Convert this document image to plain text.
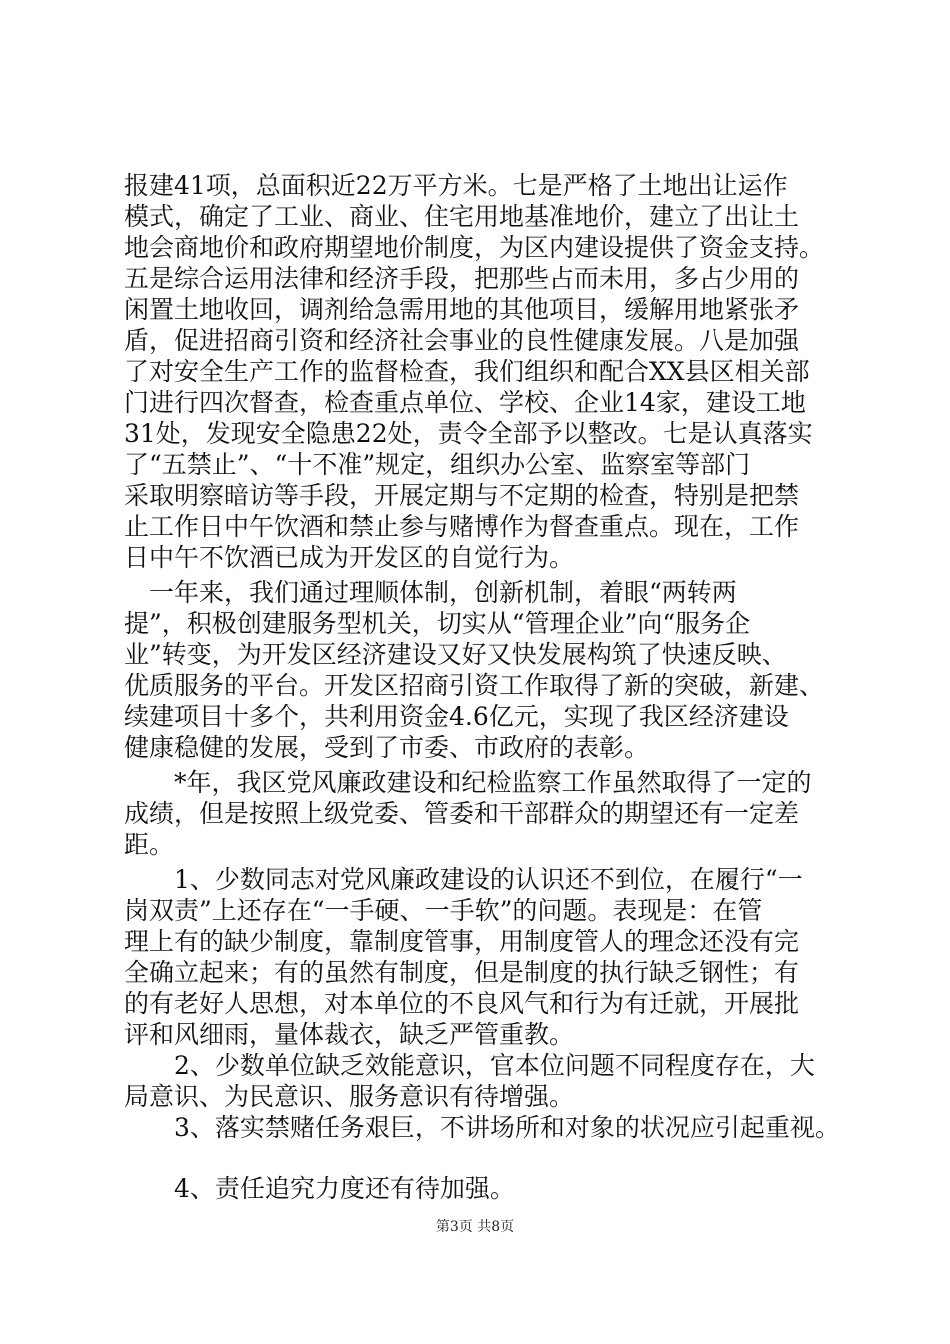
报建41项，总面积近22万平方米。七是严格了土地出让运作
模式，确定了工业、商业、住宅用地基准地价，建立了出让土
地会商地价和政府期望地价制度，为区内建设提供了资金支持。
五是综合运用法律和经济手段，把那些占而未用，多占少用的
闲置土地收回，调剂给急需用地的其他项目，缓解用地紧张矛
盾，促进招商引资和经济社会事业的良性健康发展。八是加强
了对安全生产工作的监督检查，我们组织和配合XX县区相关部
门进行四次督查，检查重点单位、学校、企业14家，建设工地
31处，发现安全隐患22处，责令全部予以整改。七是认真落实
了“五禁止”、“十不准”规定，组织办公室、监察室等部门
采取明察暗访等手段，开展定期与不定期的检查，特别是把禁
止工作日中午饮酒和禁止参与赌博作为督查重点。现在，工作
日中午不饮酒已成为开发区的自觉行为。
　一年来，我们通过理顺体制，创新机制，着眼“两转两
提”，积极创建服务型机关，切实从“管理企业”向“服务企
业”转变，为开发区经济建设又好又快发展构筑了快速反映、
优质服务的平台。开发区招商引资工作取得了新的突破，新建、
续建项目十多个，共利用资金4.6亿元，实现了我区经济建设
健康稳健的发展，受到了市委、市政府的表彰。
　　*年，我区党风廉政建设和纪检监察工作虽然取得了一定的
成绩，但是按照上级党委、管委和干部群众的期望还有一定差
距。
　　1、少数同志对党风廉政建设的认识还不到位，在履行“一
岗双责”上还存在“一手硬、一手软”的问题。表现是：在管
理上有的缺少制度，靠制度管事，用制度管人的理念还没有完
全确立起来；有的虽然有制度，但是制度的执行缺乏钢性；有
的有老好人思想，对本单位的不良风气和行为有迁就，开展批
评和风细雨，量体裁衣，缺乏严管重教。
　　2、少数单位缺乏效能意识，官本位问题不同程度存在，大
局意识、为民意识、服务意识有待增强。
　　3、落实禁赌任务艰巨，不讲场所和对象的状况应引起重视。
　　4、责任追究力度还有待加强。
第3页 共8页
